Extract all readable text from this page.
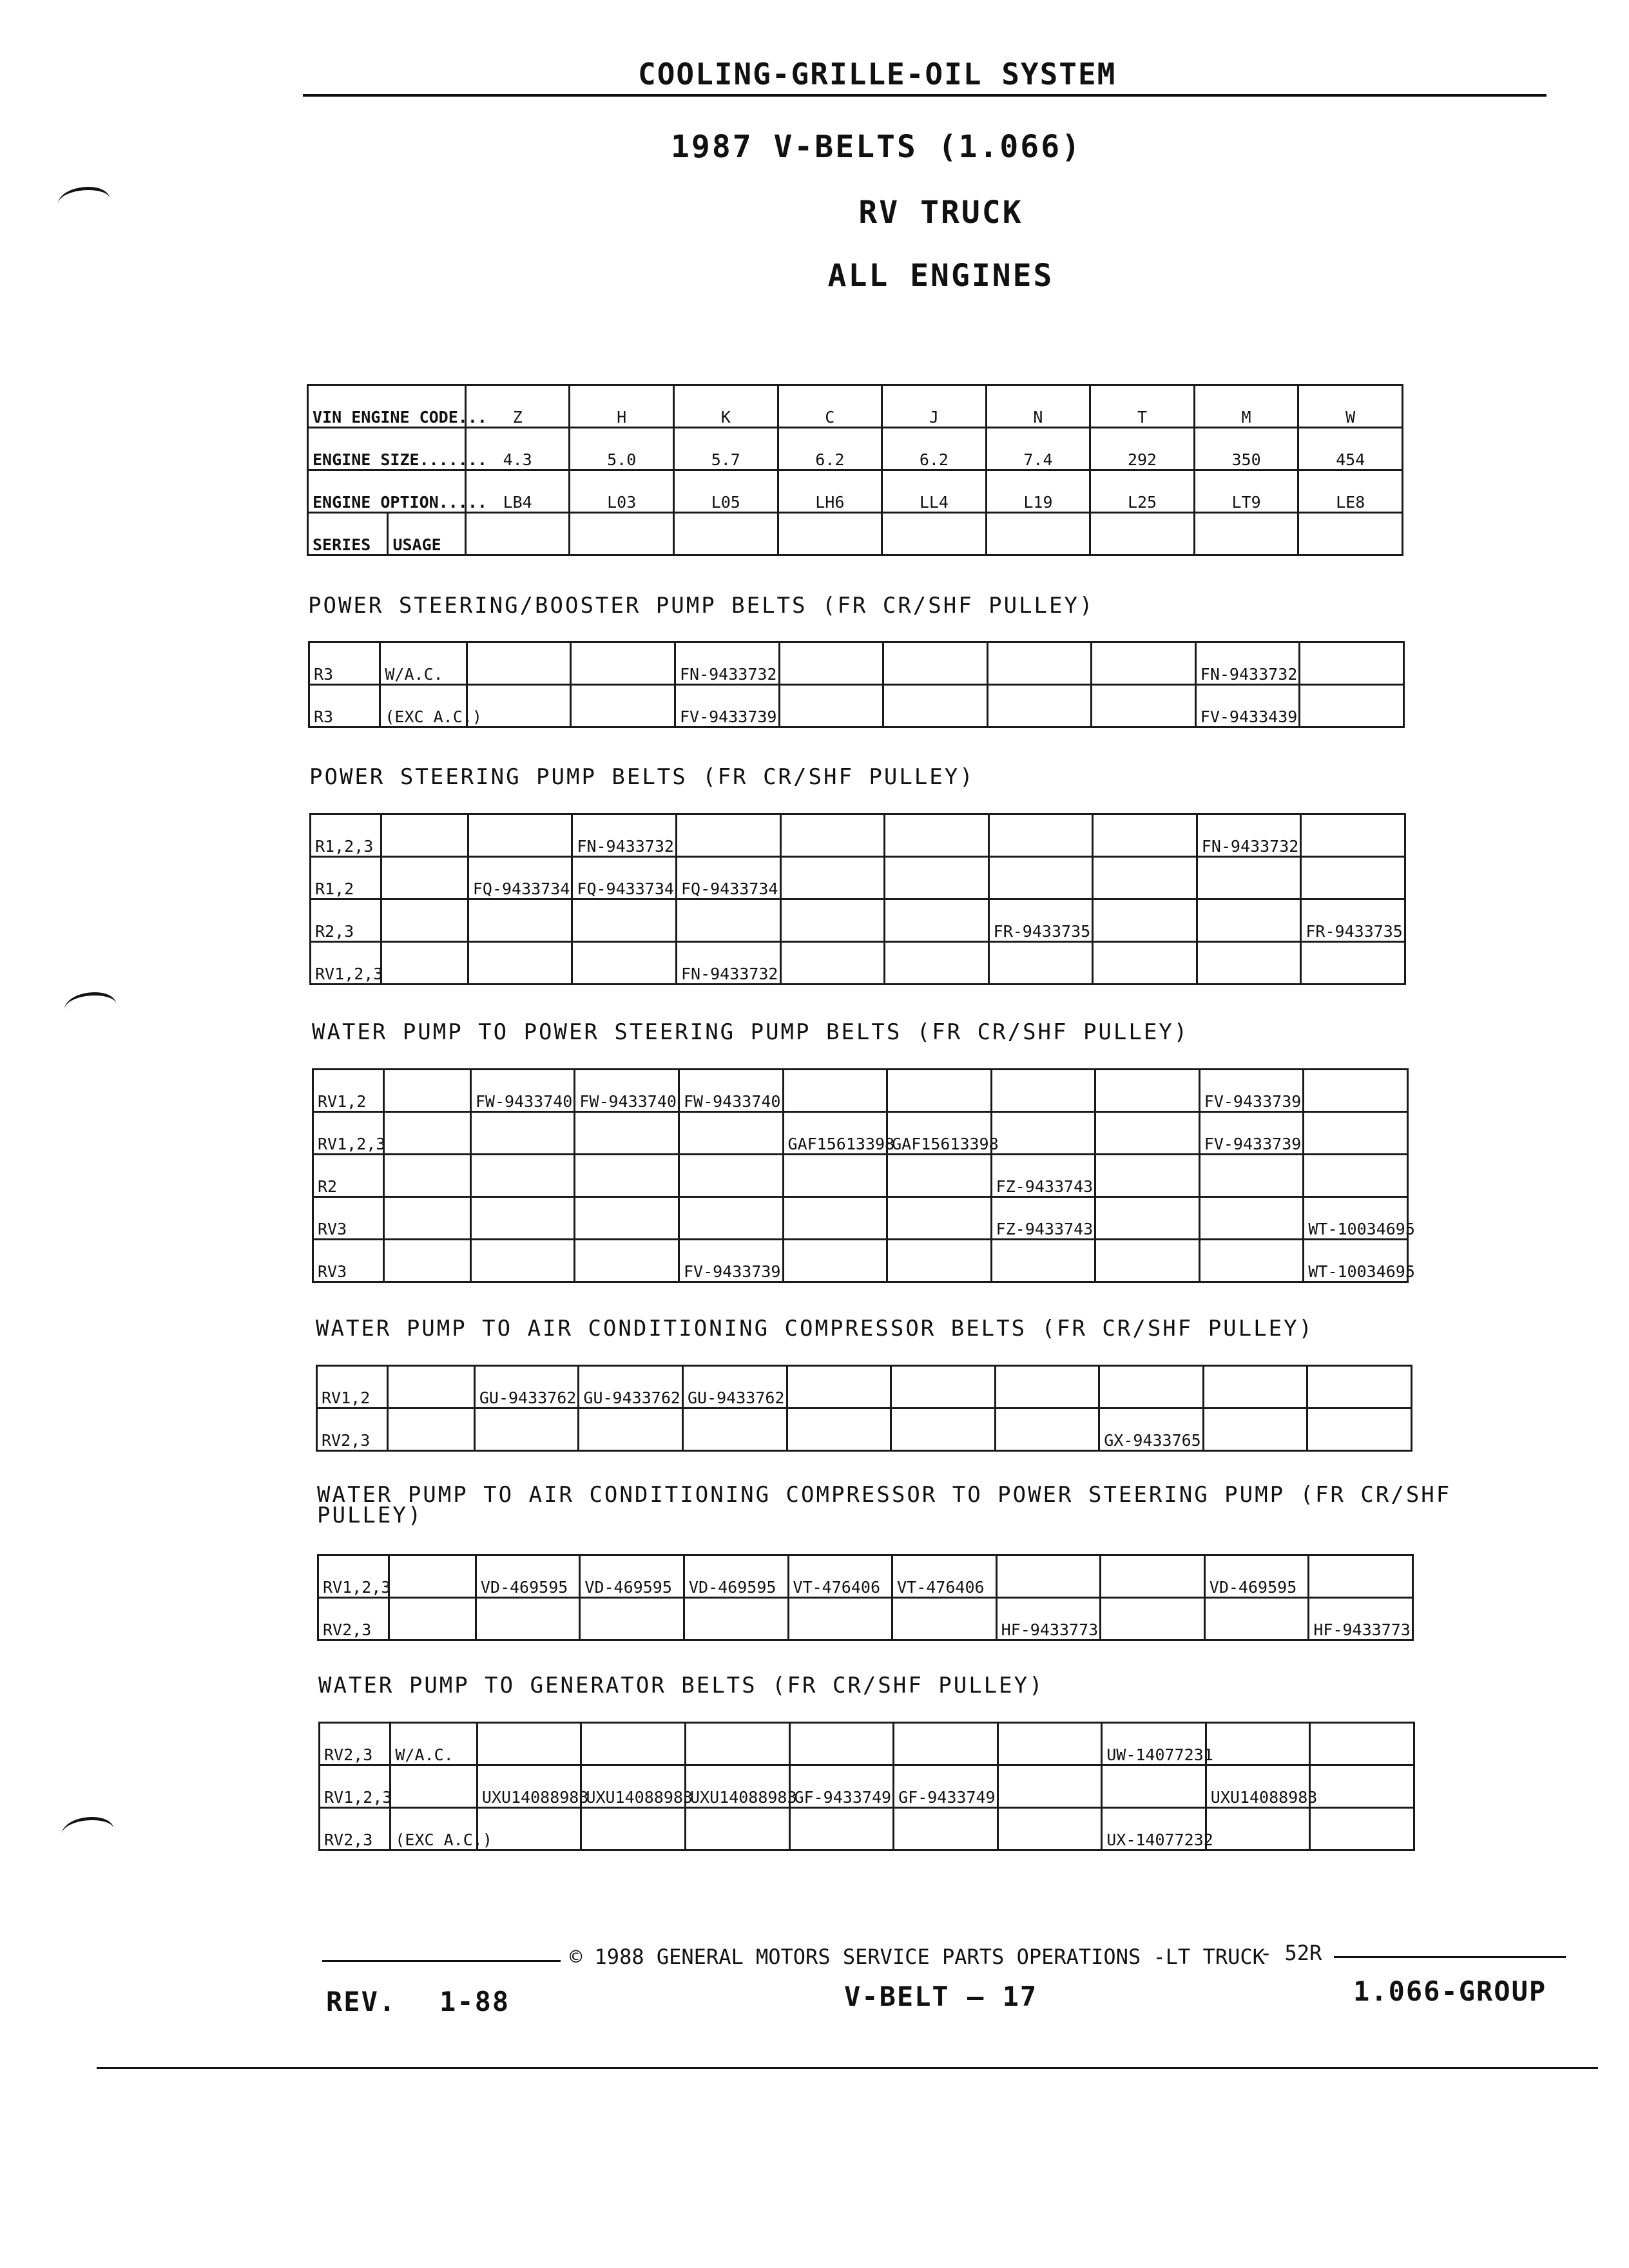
COOLING-GRILLE-OIL SYSTEM
1987 V-BELTS (1.066)
RV TRUCK
ALL ENGINES
VIN ENGINE CODE...		Z	H	K	C	J	N	T	M	W
ENGINE SIZE.......		4.3	5.0	5.7	6.2	6.2	7.4	292	350	454
ENGINE OPTION.....		LB4	L03	L05	LH6	LL4	L19	L25	LT9	LE8
SERIES	USAGE									
POWER STEERING/BOOSTER PUMP BELTS (FR CR/SHF PULLEY)
R3	W/A.C.			FN-9433732					FN-9433732	
R3	(EXC A.C.)			FV-9433739					FV-9433439	
POWER STEERING PUMP BELTS (FR CR/SHF PULLEY)
R1,2,3			FN-9433732						FN-9433732	
R1,2		FQ-9433734	FQ-9433734	FQ-9433734						
R2,3							FR-9433735			FR-9433735
RV1,2,3				FN-9433732						
WATER PUMP TO POWER STEERING PUMP BELTS (FR CR/SHF PULLEY)
RV1,2		FW-9433740	FW-9433740	FW-9433740					FV-9433739	
RV1,2,3					GAF15613398	GAF15613398			FV-9433739	
R2							FZ-9433743			
RV3							FZ-9433743			WT-10034695
RV3				FV-9433739						WT-10034695
WATER PUMP TO AIR CONDITIONING COMPRESSOR BELTS (FR CR/SHF PULLEY)
RV1,2		GU-9433762	GU-9433762	GU-9433762						
RV2,3								GX-9433765		
WATER PUMP TO AIR CONDITIONING COMPRESSOR TO POWER STEERING PUMP (FR CR/SHF
PULLEY)
RV1,2,3		VD-469595	VD-469595	VD-469595	VT-476406	VT-476406			VD-469595	
RV2,3							HF-9433773			HF-9433773
WATER PUMP TO GENERATOR BELTS (FR CR/SHF PULLEY)
RV2,3	W/A.C.							UW-14077231		
RV1,2,3		UXU14088983	UXU14088983	UXU14088983	GF-9433749	GF-9433749			UXU14088983	
RV2,3	(EXC A.C.)							UX-14077232		
© 1988 GENERAL MOTORS SERVICE PARTS OPERATIONS -LT TRUCK
- 52R
REV. 1-88	V-BELT — 17	1.066-GROUP
